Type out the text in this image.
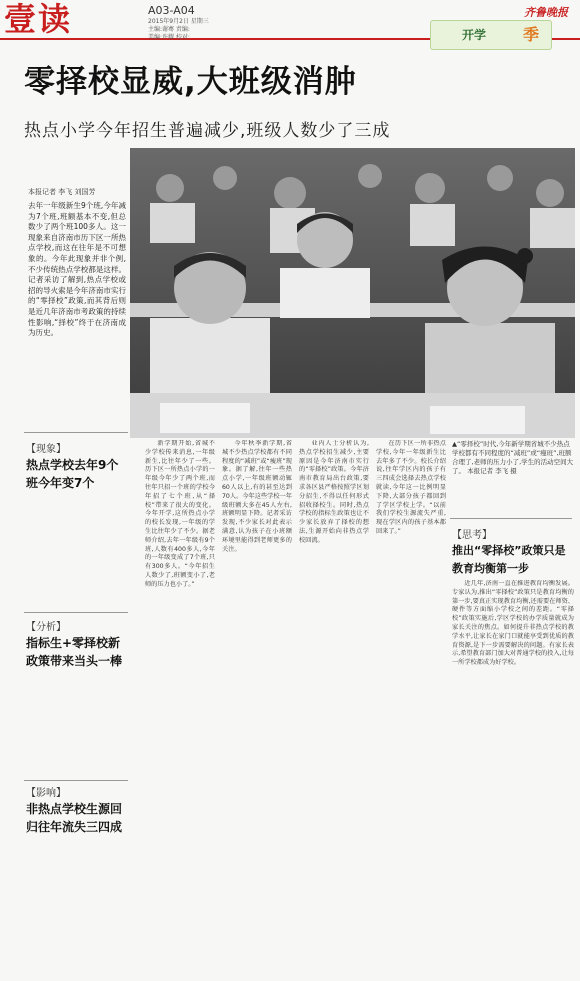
壹读	A03-A04
2015年9月2日 星期三
主编:谢骞 责编:
美编:许耀 校对:
齐鲁晚报
开学 季
零择校显威,大班级消肿
热点小学今年招生普遍减少,班级人数少了三成
▲“零择校”时代,今年新学期省城不少热点学校都有不同程度的“减班”或“瘦班”,班额合理了,老师的压力小了,学生的活动空间大了。 本报记者 李飞 摄
本报记者 李飞 刘国芳
去年一年级新生9个班,今年减为7个班,班额基本不变,但总数少了两个班100多人。这一现象来自济南市历下区一所热点学校,而这在往年是不可想象的。今年此现象并非个例,不少传统热点学校都是这样。记者采访了解到,热点学校或招的导火索是今年济南市实行的“零择校”政策,而其背后则是近几年济南市考政策的持续性影响,“择校”终于在济南成为历史。
【现象】
热点学校去年9个班今年变7个
【分析】
指标生+零择校新政策带来当头一棒
【影响】
非热点学校生源回归往年流失三四成
【思考】
推出“零择校”政策只是教育均衡第一步

新学期开始,省城不少学校传来消息,一年级新生,比往年少了一些。历下区一所热点小学的一年级今年少了两个班,而往年只招一个班的学校今年招了七个班,从“择校”带来了很大的变化。今年开学,这所热点小学的校长发现,一年级的学生比往年少了不少。据老师介绍,去年一年级有9个班,人数有400多人,今年的一年级变成了7个班,只有300多人。“今年招生人数少了,班额变小了,老师的压力也小了。”

今年秋季新学期,省城不少热点学校都有不同程度的“减班”或“瘦班”现象。据了解,往年一些热点小学,一年级班额动辄60人以上,有的甚至达到70人。今年这些学校一年级班额大多在45人左右,班额明显下降。记者采访发现,不少家长对此表示满意,认为孩子在小班额环境里能得到老师更多的关注。

业内人士分析认为,热点学校招生减少,主要原因是今年济南市实行的“零择校”政策。今年济南市教育局出台政策,要求各区县严格按照学区划分招生,不得以任何形式招收择校生。同时,热点学校的指标生政策也让不少家长放弃了择校的想法,生源开始向非热点学校回流。

在历下区一所非热点学校,今年一年级新生比去年多了不少。校长介绍说,往年学区内的孩子有三四成会选择去热点学校就读,今年这一比例明显下降,大部分孩子都回到了学区学校上学。“以前我们学校生源流失严重,现在学区内的孩子基本都回来了。”

近几年,济南一直在推进教育均衡发展。专家认为,推出“零择校”政策只是教育均衡的第一步,要真正实现教育均衡,还需要在师资、硬件等方面缩小学校之间的差距。“零择校”政策实施后,学区学校的办学质量就成为家长关注的焦点。如何提升非热点学校的教学水平,让家长在家门口就能享受到优质的教育资源,是下一步需要解决的问题。有家长表示,希望教育部门加大对普通学校的投入,让每一所学校都成为好学校。
